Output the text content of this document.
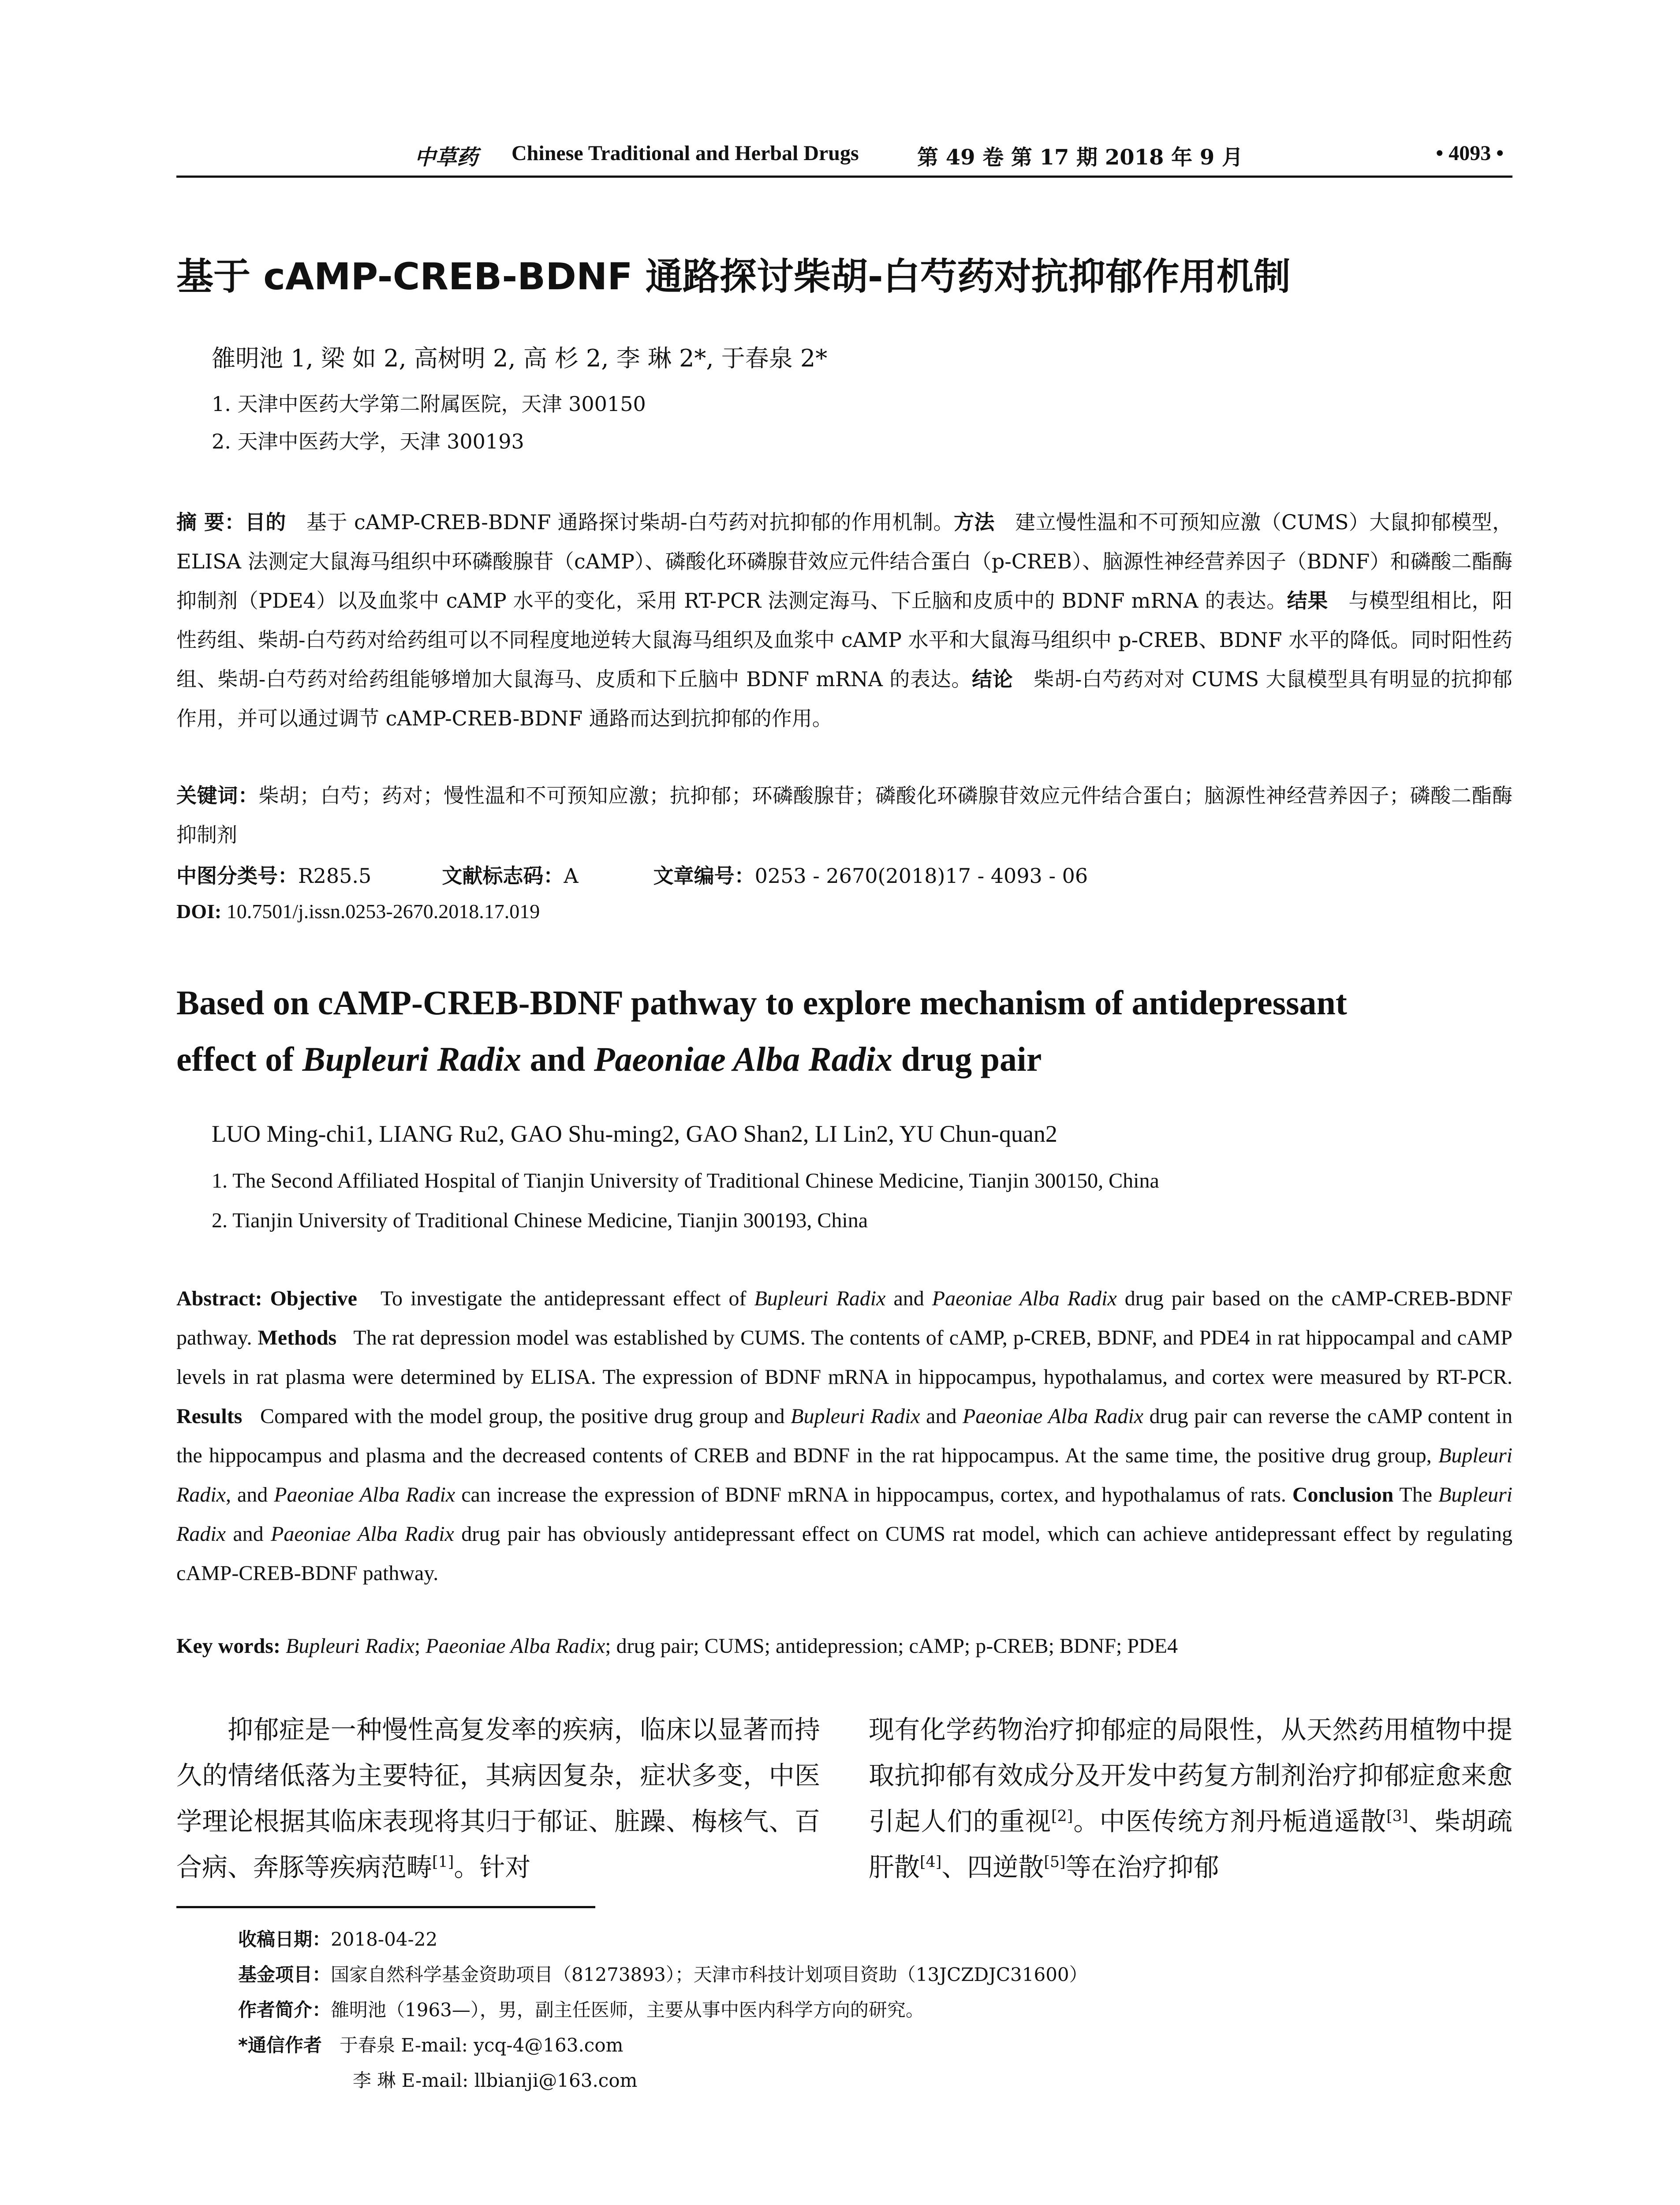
中草药 Chinese Traditional and Herbal Drugs	第 49 卷 第 17 期 2018 年 9 月	• 4093 •
基于 cAMP-CREB-BDNF 通路探讨柴胡-白芍药对抗抑郁作用机制
雒明池 1, 梁 如 2, 高树明 2, 高 杉 2, 李 琳 2*, 于春泉 2*
1. 天津中医药大学第二附属医院，天津 300150
2. 天津中医药大学，天津 300193
摘 要：目的　 基于 cAMP-CREB-BDNF 通路探讨柴胡-白芍药对抗抑郁的作用机制。方法　 建立慢性温和不可预知应激（CUMS）大鼠抑郁模型，ELISA 法测定大鼠海马组织中环磷酸腺苷（cAMP）、磷酸化环磷腺苷效应元件结合蛋白（p-CREB）、脑源性神经营养因子（BDNF）和磷酸二酯酶抑制剂（PDE4）以及血浆中 cAMP 水平的变化，采用 RT-PCR 法测定海马、下丘脑和皮质中的 BDNF mRNA 的表达。结果　 与模型组相比，阳性药组、柴胡-白芍药对给药组可以不同程度地逆转大鼠海马组织及血浆中 cAMP 水平和大鼠海马组织中 p-CREB、BDNF 水平的降低。同时阳性药组、柴胡-白芍药对给药组能够增加大鼠海马、皮质和下丘脑中 BDNF mRNA 的表达。结论　 柴胡-白芍药对对 CUMS 大鼠模型具有明显的抗抑郁作用，并可以通过调节 cAMP-CREB-BDNF 通路而达到抗抑郁的作用。
关键词：柴胡；白芍；药对；慢性温和不可预知应激；抗抑郁；环磷酸腺苷；磷酸化环磷腺苷效应元件结合蛋白；脑源性神经营养因子；磷酸二酯酶抑制剂
中图分类号：R285.5	文献标志码：A	文章编号：0253 - 2670(2018)17 - 4093 - 06
DOI: 10.7501/j.issn.0253-2670.2018.17.019
Based on cAMP-CREB-BDNF pathway to explore mechanism of antidepressant
effect of Bupleuri Radix and Paeoniae Alba Radix drug pair
LUO Ming-chi1, LIANG Ru2, GAO Shu-ming2, GAO Shan2, LI Lin2, YU Chun-quan2
1. The Second Affiliated Hospital of Tianjin University of Traditional Chinese Medicine, Tianjin 300150, China
2. Tianjin University of Traditional Chinese Medicine, Tianjin 300193, China
Abstract: Objective To investigate the antidepressant effect of Bupleuri Radix and Paeoniae Alba Radix drug pair based on the cAMP-CREB-BDNF pathway. Methods The rat depression model was established by CUMS. The contents of cAMP, p-CREB, BDNF, and PDE4 in rat hippocampal and cAMP levels in rat plasma were determined by ELISA. The expression of BDNF mRNA in hippocampus, hypothalamus, and cortex were measured by RT-PCR. Results Compared with the model group, the positive drug group and Bupleuri Radix and Paeoniae Alba Radix drug pair can reverse the cAMP content in the hippocampus and plasma and the decreased contents of CREB and BDNF in the rat hippocampus. At the same time, the positive drug group, Bupleuri Radix, and Paeoniae Alba Radix can increase the expression of BDNF mRNA in hippocampus, cortex, and hypothalamus of rats. Conclusion The Bupleuri Radix and Paeoniae Alba Radix drug pair has obviously antidepressant effect on CUMS rat model, which can achieve antidepressant effect by regulating cAMP-CREB-BDNF pathway.
Key words: Bupleuri Radix; Paeoniae Alba Radix; drug pair; CUMS; antidepression; cAMP; p-CREB; BDNF; PDE4
抑郁症是一种慢性高复发率的疾病，临床以显著而持久的情绪低落为主要特征，其病因复杂，症状多变，中医学理论根据其临床表现将其归于郁证、脏躁、梅核气、百合病、奔豚等疾病范畴[1]。针对
现有化学药物治疗抑郁症的局限性，从天然药用植物中提取抗抑郁有效成分及开发中药复方制剂治疗抑郁症愈来愈引起人们的重视[2]。中医传统方剂丹栀逍遥散[3]、柴胡疏肝散[4]、四逆散[5]等在治疗抑郁
收稿日期：2018-04-22
基金项目：国家自然科学基金资助项目（81273893）；天津市科技计划项目资助（13JCZDJC31600）
作者简介：雒明池（1963—），男，副主任医师，主要从事中医内科学方向的研究。
*通信作者 于春泉 E-mail: ycq-4@163.com
李 琳 E-mail: llbianji@163.com
